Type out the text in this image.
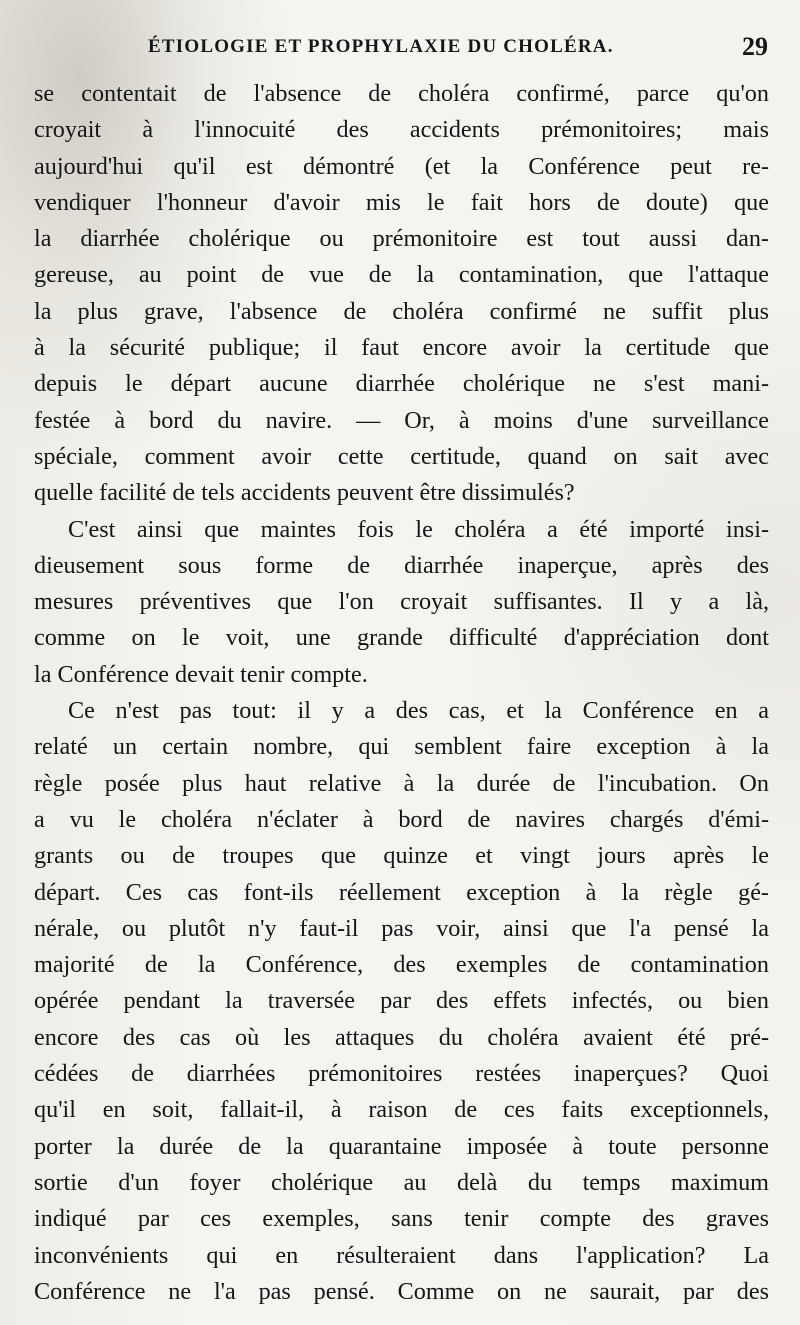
ÉTIOLOGIE ET PROPHYLAXIE DU CHOLÉRA.	29
se contentait de l'absence de choléra confirmé, parce qu'on
croyait à l'innocuité des accidents prémonitoires; mais
aujourd'hui qu'il est démontré (et la Conférence peut re-
vendiquer l'honneur d'avoir mis le fait hors de doute) que
la diarrhée cholérique ou prémonitoire est tout aussi dan-
gereuse, au point de vue de la contamination, que l'attaque
la plus grave, l'absence de choléra confirmé ne suffit plus
à la sécurité publique; il faut encore avoir la certitude que
depuis le départ aucune diarrhée cholérique ne s'est mani-
festée à bord du navire. — Or, à moins d'une surveillance
spéciale, comment avoir cette certitude, quand on sait avec
quelle facilité de tels accidents peuvent être dissimulés?
C'est ainsi que maintes fois le choléra a été importé insi-
dieusement sous forme de diarrhée inaperçue, après des
mesures préventives que l'on croyait suffisantes. Il y a là,
comme on le voit, une grande difficulté d'appréciation dont
la Conférence devait tenir compte.
Ce n'est pas tout: il y a des cas, et la Conférence en a
relaté un certain nombre, qui semblent faire exception à la
règle posée plus haut relative à la durée de l'incubation. On
a vu le choléra n'éclater à bord de navires chargés d'émi-
grants ou de troupes que quinze et vingt jours après le
départ. Ces cas font-ils réellement exception à la règle gé-
nérale, ou plutôt n'y faut-il pas voir, ainsi que l'a pensé la
majorité de la Conférence, des exemples de contamination
opérée pendant la traversée par des effets infectés, ou bien
encore des cas où les attaques du choléra avaient été pré-
cédées de diarrhées prémonitoires restées inaperçues? Quoi
qu'il en soit, fallait-il, à raison de ces faits exceptionnels,
porter la durée de la quarantaine imposée à toute personne
sortie d'un foyer cholérique au delà du temps maximum
indiqué par ces exemples, sans tenir compte des graves
inconvénients qui en résulteraient dans l'application? La
Conférence ne l'a pas pensé. Comme on ne saurait, par des
